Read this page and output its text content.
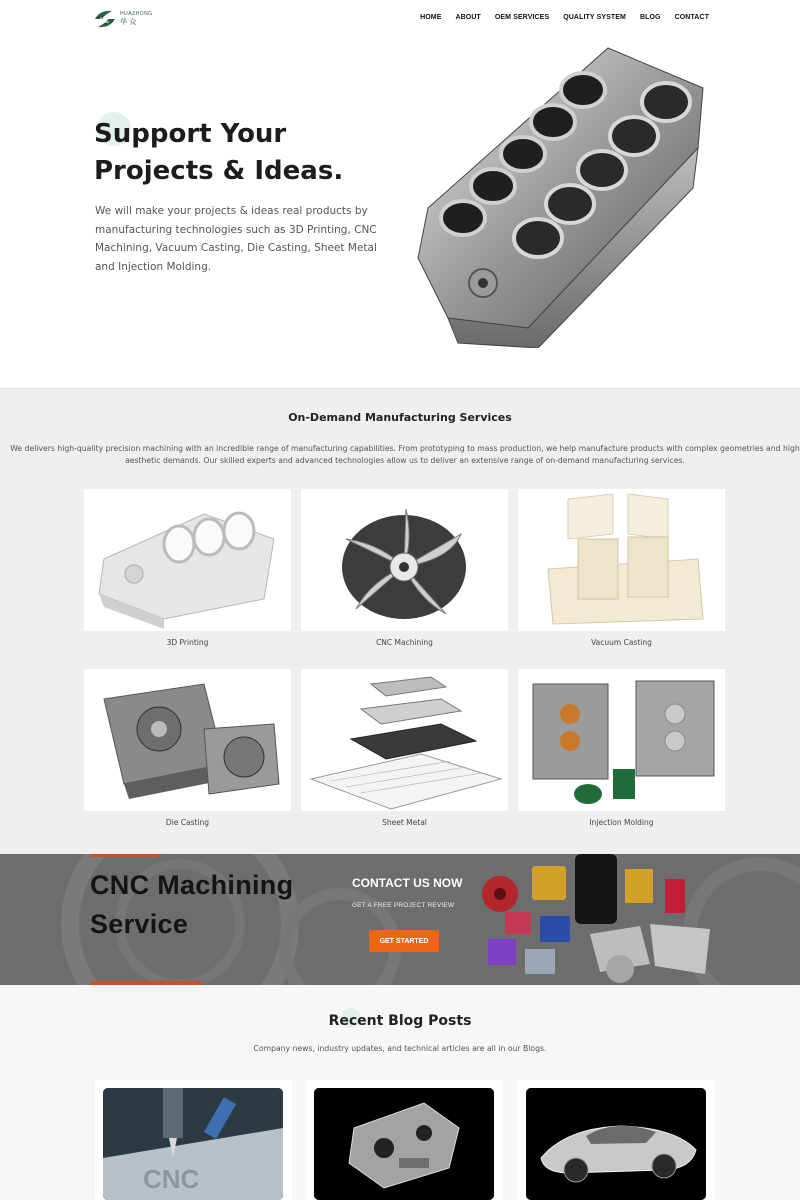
HZ
HUAZHONG
华 众
HOME ABOUT OEM SERVICES QUALITY SYSTEM BLOG CONTACT
Support Your Projects & Ideas.

We will make your projects & ideas real products by manufacturing technologies such as 3D Printing, CNC Machining, Vacuum Casting, Die Casting, Sheet Metal and Injection Molding.

On-Demand Manufacturing Services

We delivers high-quality precision machining with an incredible range of manufacturing capabilities. From prototyping to mass production, we help manufacture products with complex geometries and high aesthetic demands. Our skilled experts and advanced technologies allow us to deliver an extensive range of on-demand manufacturing services.

3D Printing	CNC Machining	Vacuum Casting
Die Casting	Sheet Metal	Injection Molding
CNC Machining Service
CONTACT US NOW
GET A FREE PROJECT REVIEW
GET STARTED
Recent Blog Posts

Company news, industry updates, and technical articles are all in our Blogs.

CNC
